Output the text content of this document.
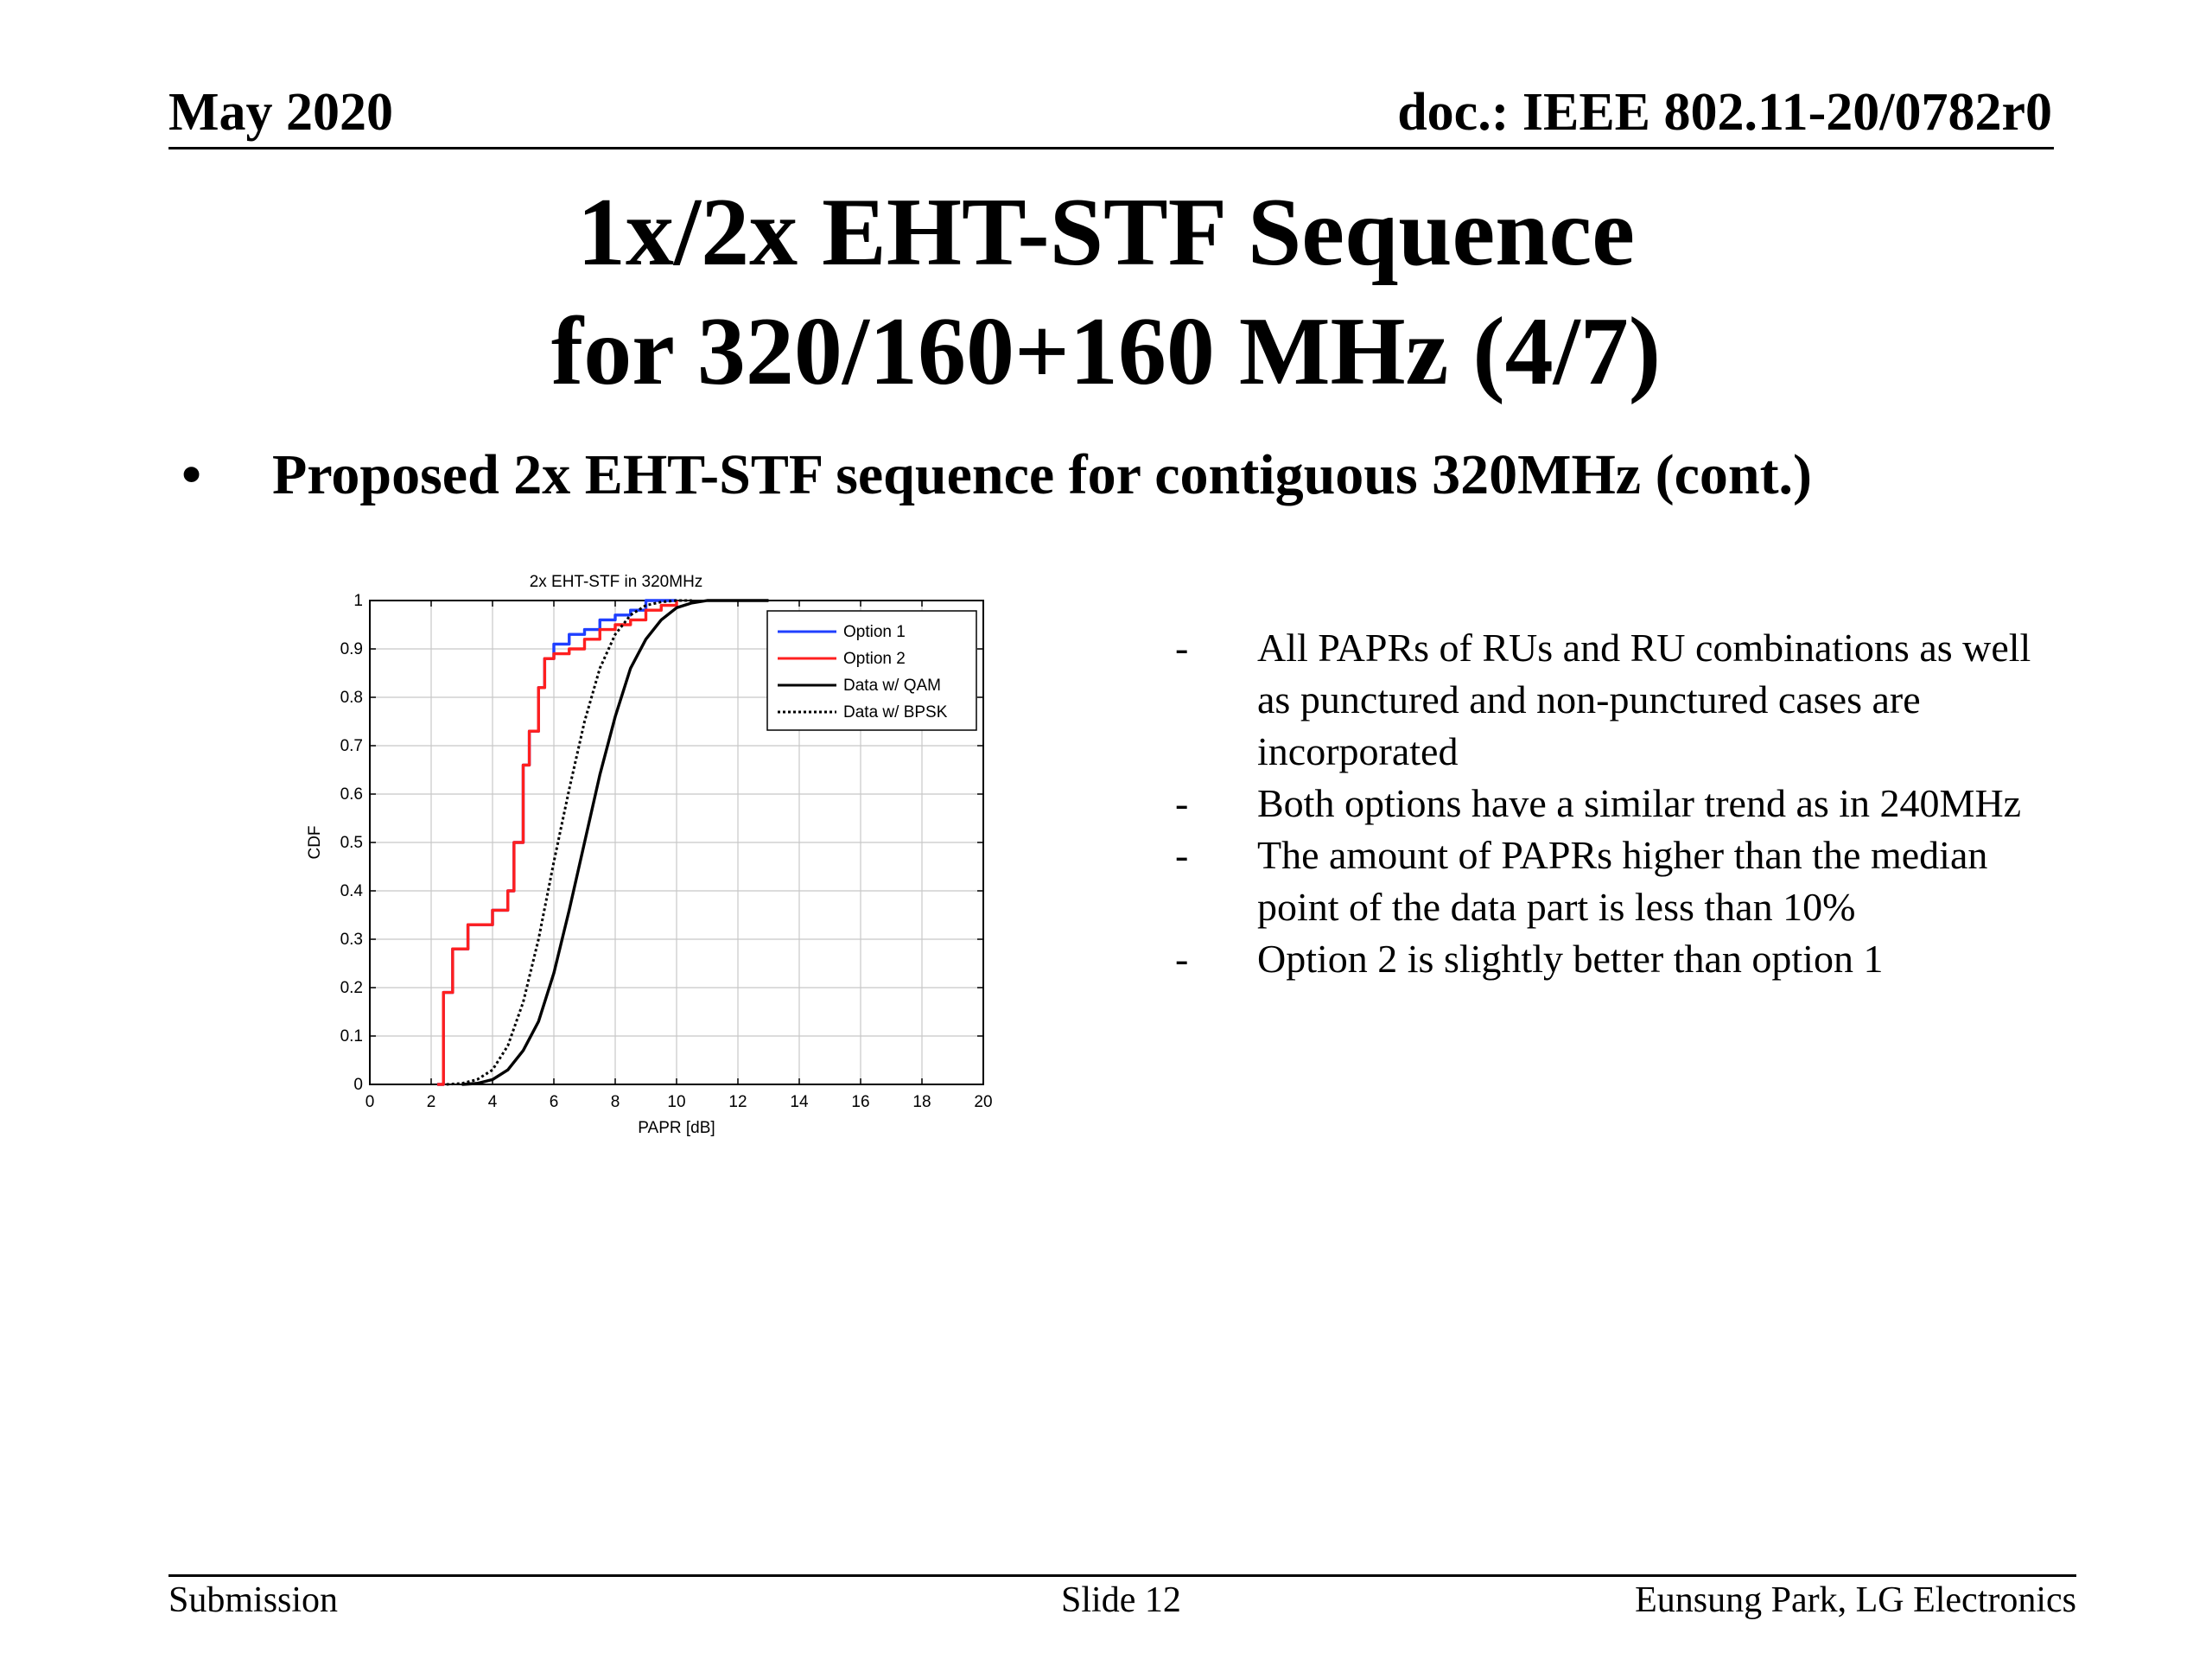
May 2020	doc.: IEEE 802.11-20/0782r0
1x/2x EHT-STF Sequence
for 320/160+160 MHz (4/7)
• Proposed 2x EHT-STF sequence for contiguous 320MHz (cont.)
0	2	4	6	8	10	12	14	16	18	20
0
0.1
0.2
0.3
0.4
0.5
0.6
0.7
0.8
0.9
1
2x EHT-STF in 320MHz
PAPR [dB]
CDF
Option 1
Option 2
Data w/ QAM
Data w/ BPSK
-	All PAPRs of RUs and RU combinations as well as punctured and non-punctured cases are incorporated
-	Both options have a similar trend as in 240MHz
-	The amount of PAPRs higher than the median point of the data part is less than 10%
-	Option 2 is slightly better than option 1
Submission	Slide 12	Eunsung Park, LG Electronics
